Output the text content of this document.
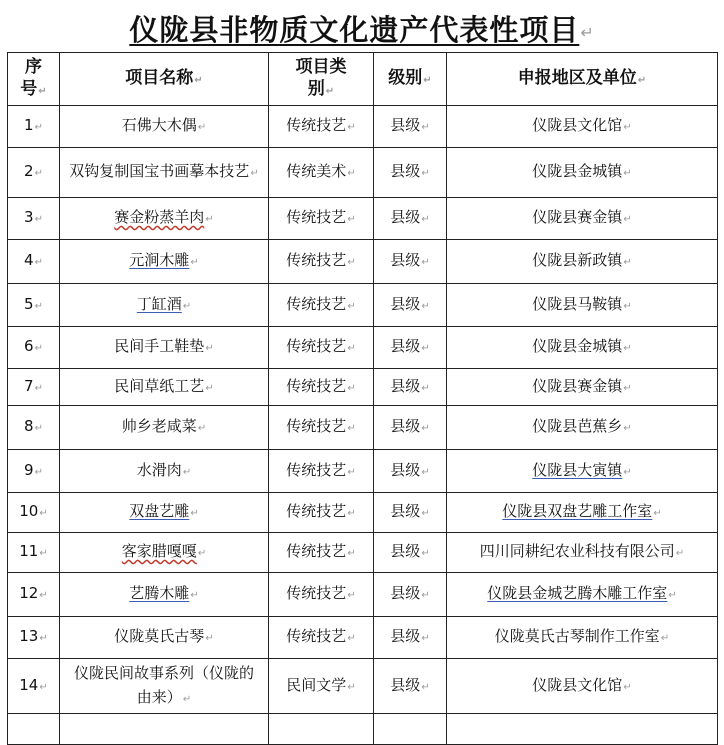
仪陇县非物质文化遗产代表性项目↵
序号↵	项目名称↵	项目类别↵	级别↵	申报地区及单位↵
1↵	石佛大木偶↵	传统技艺↵	县级↵	仪陇县文化馆↵
2↵	双钩复制国宝书画摹本技艺↵	传统美术↵	县级↵	仪陇县金城镇↵
3↵	赛金粉蒸羊肉↵	传统技艺↵	县级↵	仪陇县赛金镇↵
4↵	元涧木雕↵	传统技艺↵	县级↵	仪陇县新政镇↵
5↵	丁缸酒↵	传统技艺↵	县级↵	仪陇县马鞍镇↵
6↵	民间手工鞋垫↵	传统技艺↵	县级↵	仪陇县金城镇↵
7↵	民间草纸工艺↵	传统技艺↵	县级↵	仪陇县赛金镇↵
8↵	帅乡老咸菜↵	传统技艺↵	县级↵	仪陇县芭蕉乡↵
9↵	水滑肉↵	传统技艺↵	县级↵	仪陇县大寅镇↵
10↵	双盘艺雕↵	传统技艺↵	县级↵	仪陇县双盘艺雕工作室↵
11↵	客家腊嘎嘎↵	传统技艺↵	县级↵	四川同耕纪农业科技有限公司↵
12↵	艺腾木雕↵	传统技艺↵	县级↵	仪陇县金城艺腾木雕工作室↵
13↵	仪陇莫氏古琴↵	传统技艺↵	县级↵	仪陇莫氏古琴制作工作室↵
14↵	仪陇民间故事系列（仪陇的由来）↵	民间文学↵	县级↵	仪陇县文化馆↵
